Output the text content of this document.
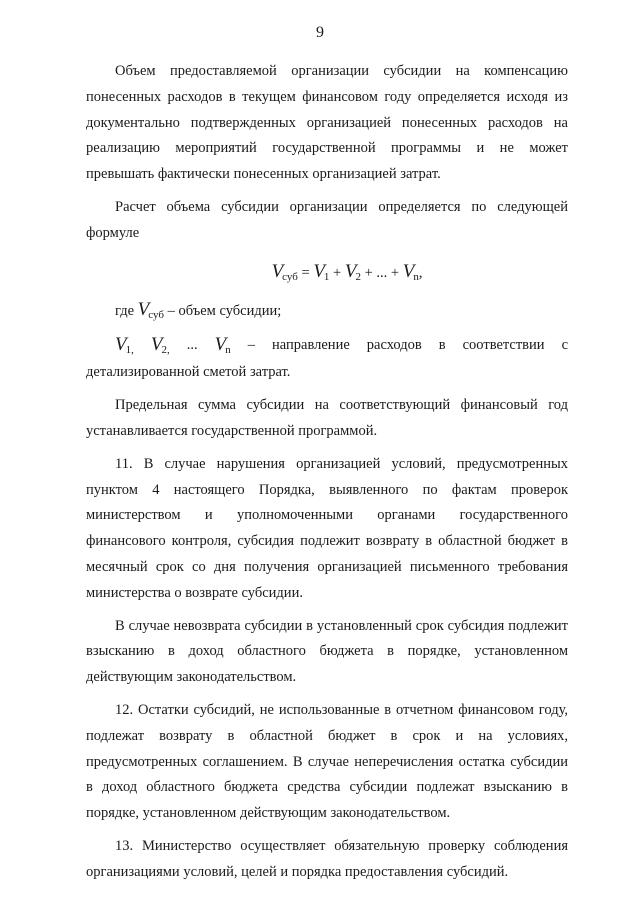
9

Объем предоставляемой организации субсидии на компенсацию понесенных расходов в текущем финансовом году определяется исходя из документально подтвержденных организацией понесенных расходов на реализацию мероприятий государственной программы и не может превышать фактически понесенных организацией затрат.

Расчет объема субсидии организации определяется по следующей формуле

$V_{суб} = V_1 + V_2$ + ... + $V_n$,

где $V_{суб}$ – объем субсидии;

$V_{1,}$ $V_{2,}$ ... $V_n$ – направление расходов в соответствии с

детализированной сметой затрат.

Предельная сумма субсидии на соответствующий финансовый год устанавливается государственной программой.

11. В случае нарушения организацией условий, предусмотренных пунктом 4 настоящего Порядка, выявленного по фактам проверок министерством и уполномоченными органами государственного финансового контроля, субсидия подлежит возврату в областной бюджет в месячный срок со дня получения организацией письменного требования министерства о возврате субсидии.

В случае невозврата субсидии в установленный срок субсидия подлежит взысканию в доход областного бюджета в порядке, установленном действующим законодательством.

12. Остатки субсидий, не использованные в отчетном финансовом году, подлежат возврату в областной бюджет в срок и на условиях, предусмотренных соглашением. В случае неперечисления остатка субсидии в доход областного бюджета средства субсидии подлежат взысканию в порядке, установленном действующим законодательством.

13. Министерство осуществляет обязательную проверку соблюдения организациями условий, целей и порядка предоставления субсидий.
